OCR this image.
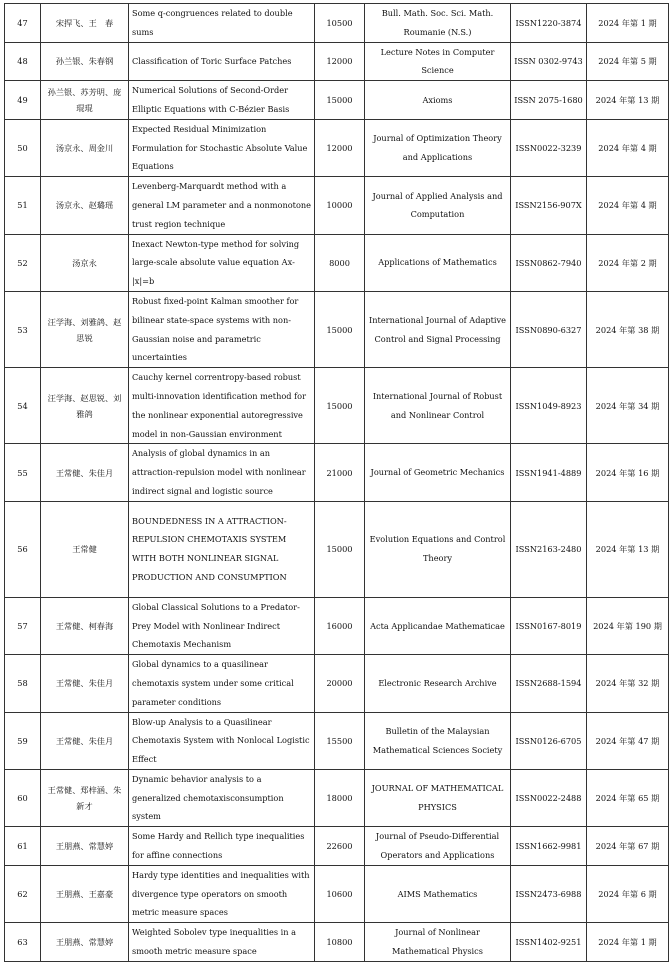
47	宋捍飞、王　春	Some q-congruences related to double sums	10500	Bull. Math. Soc. Sci. Math. Roumanie (N.S.)	ISSN1220-3874	2024 年第 1 期
48	孙兰银、朱春钢	Classification of Toric Surface Patches	12000	Lecture Notes in Computer Science	ISSN 0302-9743	2024 年第 5 期
49	孙兰银、苏芳明、庞琨琨	Numerical Solutions of Second-Order Elliptic Equations with C-Bézier Basis	15000	Axioms	ISSN 2075-1680	2024 年第 13 期
50	汤京永、周金川	Expected Residual Minimization Formulation for Stochastic Absolute Value Equations	12000	Journal of Optimization Theory and Applications	ISSN0022-3239	2024 年第 4 期
51	汤京永、赵璐瑶	Levenberg-Marquardt method with a general LM parameter and a nonmonotone trust region technique	10000	Journal of Applied Analysis and Computation	ISSN2156-907X	2024 年第 4 期
52	汤京永	Inexact Newton-type method for solving large-scale absolute value equation Ax-|x|=b	8000	Applications of Mathematics	ISSN0862-7940	2024 年第 2 期
53	汪学海、刘雅鸽、赵思锐	Robust fixed-point Kalman smoother for bilinear state-space systems with non-Gaussian noise and parametric uncertainties	15000	International Journal of Adaptive Control and Signal Processing	ISSN0890-6327	2024 年第 38 期
54	汪学海、赵思锐、刘雅鸽	Cauchy kernel correntropy-based robust multi-innovation identification method for the nonlinear exponential autoregressive model in non-Gaussian environment	15000	International Journal of Robust and Nonlinear Control	ISSN1049-8923	2024 年第 34 期
55	王常健、朱佳月	Analysis of global dynamics in an attraction-repulsion model with nonlinear indirect signal and logistic source	21000	Journal of Geometric Mechanics	ISSN1941-4889	2024 年第 16 期
56	王常健	BOUNDEDNESS IN A ATTRACTION-REPULSION CHEMOTAXIS SYSTEM WITH BOTH NONLINEAR SIGNAL PRODUCTION AND CONSUMPTION	15000	Evolution Equations and Control Theory	ISSN2163-2480	2024 年第 13 期
57	王常健、柯春海	Global Classical Solutions to a Predator-Prey Model with Nonlinear Indirect Chemotaxis Mechanism	16000	Acta Applicandae Mathematicae	ISSN0167-8019	2024 年第 190 期
58	王常健、朱佳月	Global dynamics to a quasilinear chemotaxis system under some critical parameter conditions	20000	Electronic Research Archive	ISSN2688-1594	2024 年第 32 期
59	王常健、朱佳月	Blow-up Analysis to a Quasilinear Chemotaxis System with Nonlocal Logistic Effect	15500	Bulletin of the Malaysian Mathematical Sciences Society	ISSN0126-6705	2024 年第 47 期
60	王常健、郑梓涵、朱新才	Dynamic behavior analysis to a generalized chemotaxisconsumption　system	18000	JOURNAL OF MATHEMATICAL PHYSICS	ISSN0022-2488	2024 年第 65 期
61	王朋燕、常慧婷	Some Hardy and Rellich type inequalities for affine connections	22600	Journal of Pseudo-Differential Operators and Applications	ISSN1662-9981	2024 年第 67 期
62	王朋燕、王嘉豪	Hardy type identities and inequalities with divergence type operators on smooth metric measure spaces	10600	AIMS Mathematics	ISSN2473-6988	2024 年第 6 期
63	王朋燕、常慧婷	Weighted Sobolev type inequalities in a smooth metric measure space	10800	Journal of Nonlinear Mathematical Physics	ISSN1402-9251	2024 年第 1 期
